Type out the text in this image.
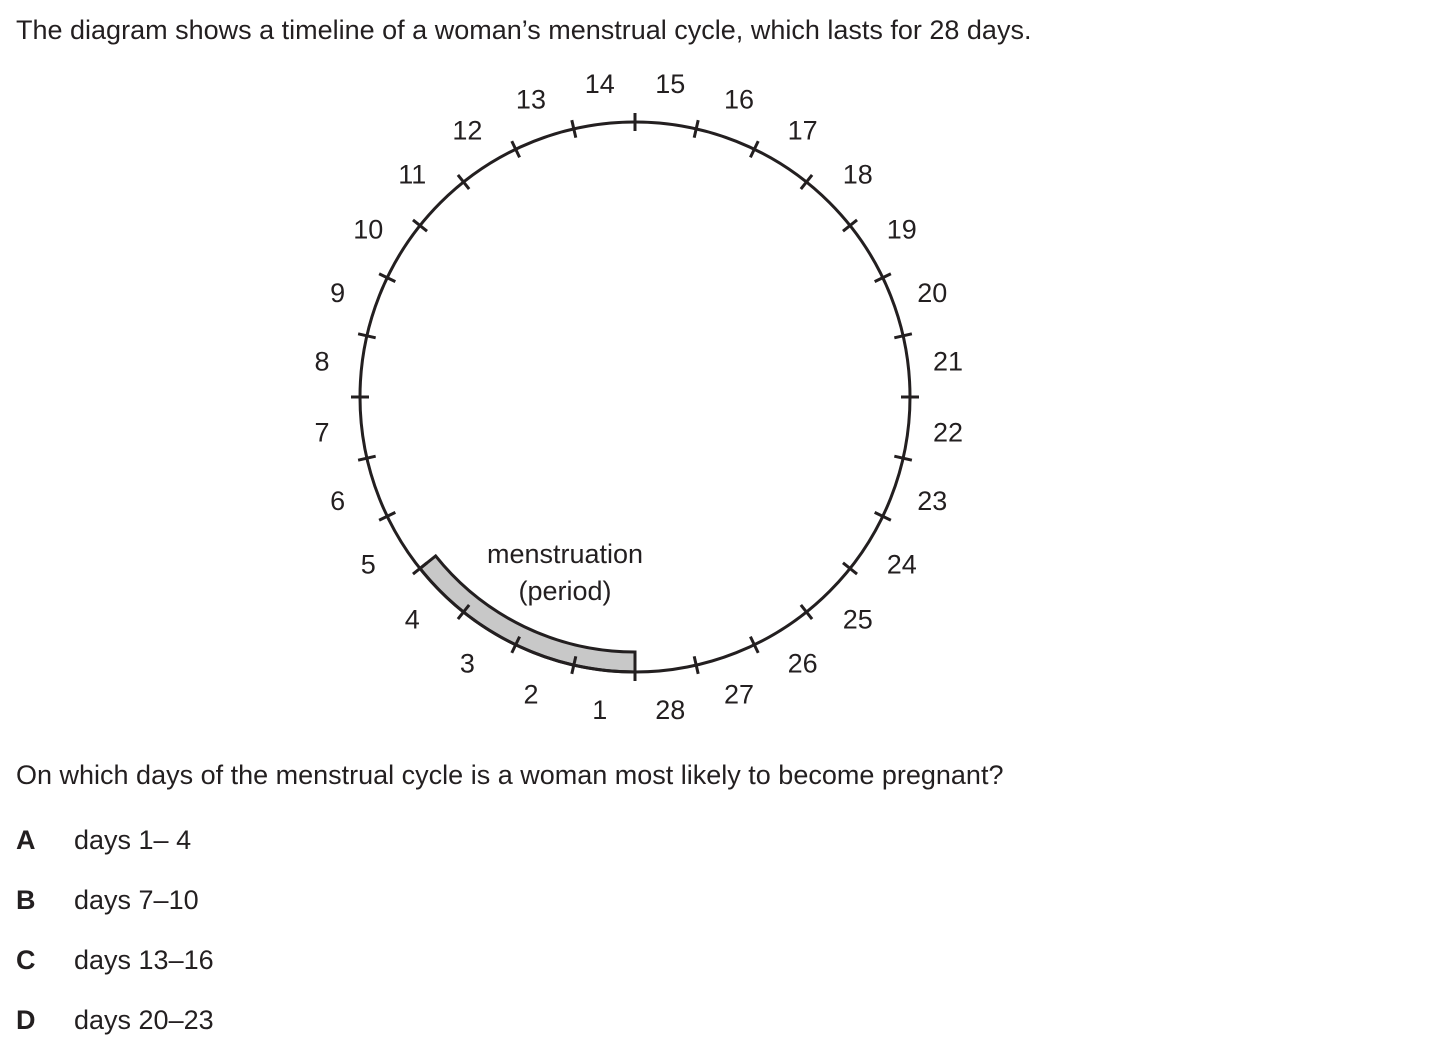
The diagram shows a timeline of a woman’s menstrual cycle, which lasts for 28 days.
1
2
3
4
5
6
7
8
9
10
11
12
13
14 15
16
17
18
19
20
21
22
23
24
25
26
27
28
menstruation
(period)
On which days of the menstrual cycle is a woman most likely to become pregnant?
A days 1– 4
B days 7–10
C days 13–16
D days 20–23
